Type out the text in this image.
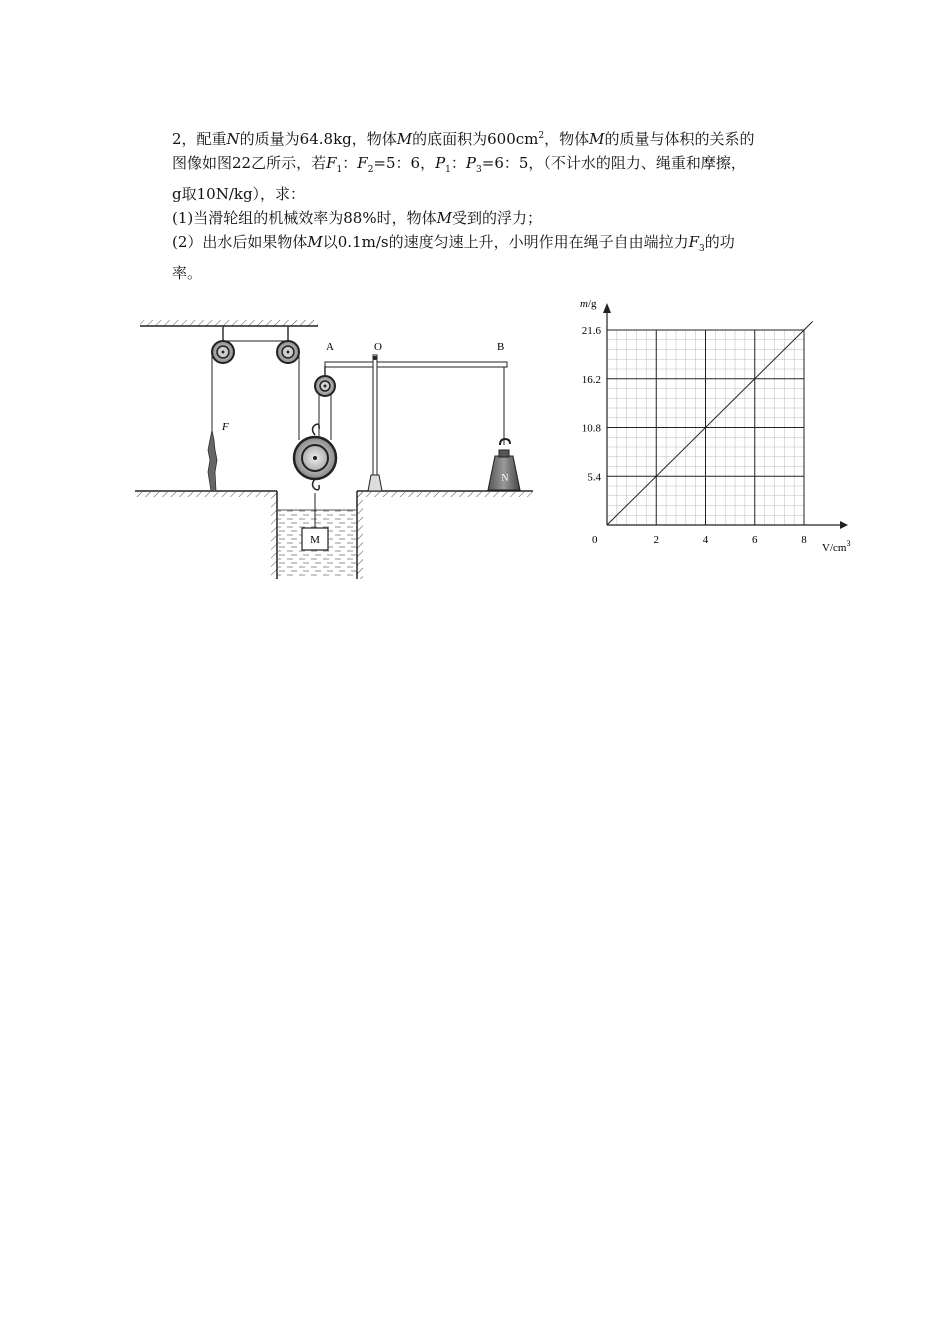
2，配重N的质量为64.8kg，物体M的底面积为$600cm^2$，物体M的质量与体积的关系的

图像如图22乙所示，若$F_1$：$F_2=5$：6，$P_1$：$P_3=6$：5，（不计水的阻力、绳重和摩擦，

g取10N/kg），求：

(1)当滑轮组的机械效率为88%时，物体M受到的浮力；

(2）出水后如果物体M以0.1m/s的速度匀速上升，小明作用在绳子自由端拉力$F_3$的功

率。

A	O	B
M
N
F
2	4	6	8
5.4
10.8
16.2
21.6
0
m/g
$V/cm^3$
